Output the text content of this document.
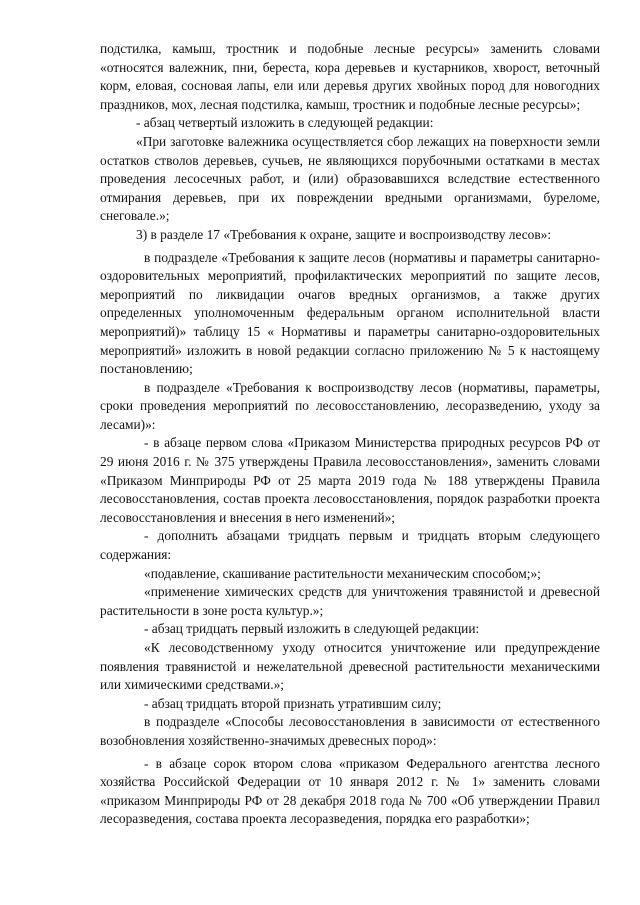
подстилка, камыш, тростник и подобные лесные ресурсы» заменить словами «относятся валежник, пни, береста, кора деревьев и кустарников, хворост, веточный корм, еловая, сосновая лапы, ели или деревья других хвойных пород для новогодних праздников, мох, лесная подстилка, камыш, тростник и подобные лесные ресурсы»;

- абзац четвертый изложить в следующей редакции:

«При заготовке валежника осуществляется сбор лежащих на поверхности земли остатков стволов деревьев, сучьев, не являющихся порубочными остатками в местах проведения лесосечных работ, и (или) образовавшихся вследствие естественного отмирания деревьев, при их повреждении вредными организмами, буреломе, снеговале.»;

3) в разделе 17 «Требования к охране, защите и воспроизводству лесов»:

в подразделе «Требования к защите лесов (нормативы и параметры санитарно-оздоровительных мероприятий, профилактических мероприятий по защите лесов, мероприятий по ликвидации очагов вредных организмов, а также других определенных уполномоченным федеральным органом исполнительной власти мероприятий)» таблицу 15 « Нормативы и параметры санитарно-оздоровительных мероприятий» изложить в новой редакции согласно приложению № 5 к настоящему постановлению;

в подразделе «Требования к воспроизводству лесов (нормативы, параметры, сроки проведения мероприятий по лесовосстановлению, лесоразведению, уходу за лесами)»:

- в абзаце первом слова «Приказом Министерства природных ресурсов РФ от 29 июня 2016 г. № 375 утверждены Правила лесовосстановления», заменить словами «Приказом Минприроды РФ от 25 марта 2019 года № 188 утверждены Правила лесовосстановления, состав проекта лесовосстановления, порядок разработки проекта лесовосстановления и внесения в него изменений»;

- дополнить абзацами тридцать первым и тридцать вторым следующего содержания:

«подавление, скашивание растительности механическим способом;»;

«применение химических средств для уничтожения травянистой и древесной растительности в зоне роста культур.»;

- абзац тридцать первый изложить в следующей редакции:

«К лесоводственному уходу относится уничтожение или предупреждение появления травянистой и нежелательной древесной растительности механическими или химическими средствами.»;

- абзац тридцать второй признать утратившим силу;

в подразделе «Способы лесовосстановления в зависимости от естественного возобновления хозяйственно-значимых древесных пород»:

- в абзаце сорок втором слова «приказом Федерального агентства лесного хозяйства Российской Федерации от 10 января 2012 г. № 1» заменить словами «приказом Минприроды РФ от 28 декабря 2018 года № 700 «Об утверждении Правил лесоразведения, состава проекта лесоразведения, порядка его разработки»;
